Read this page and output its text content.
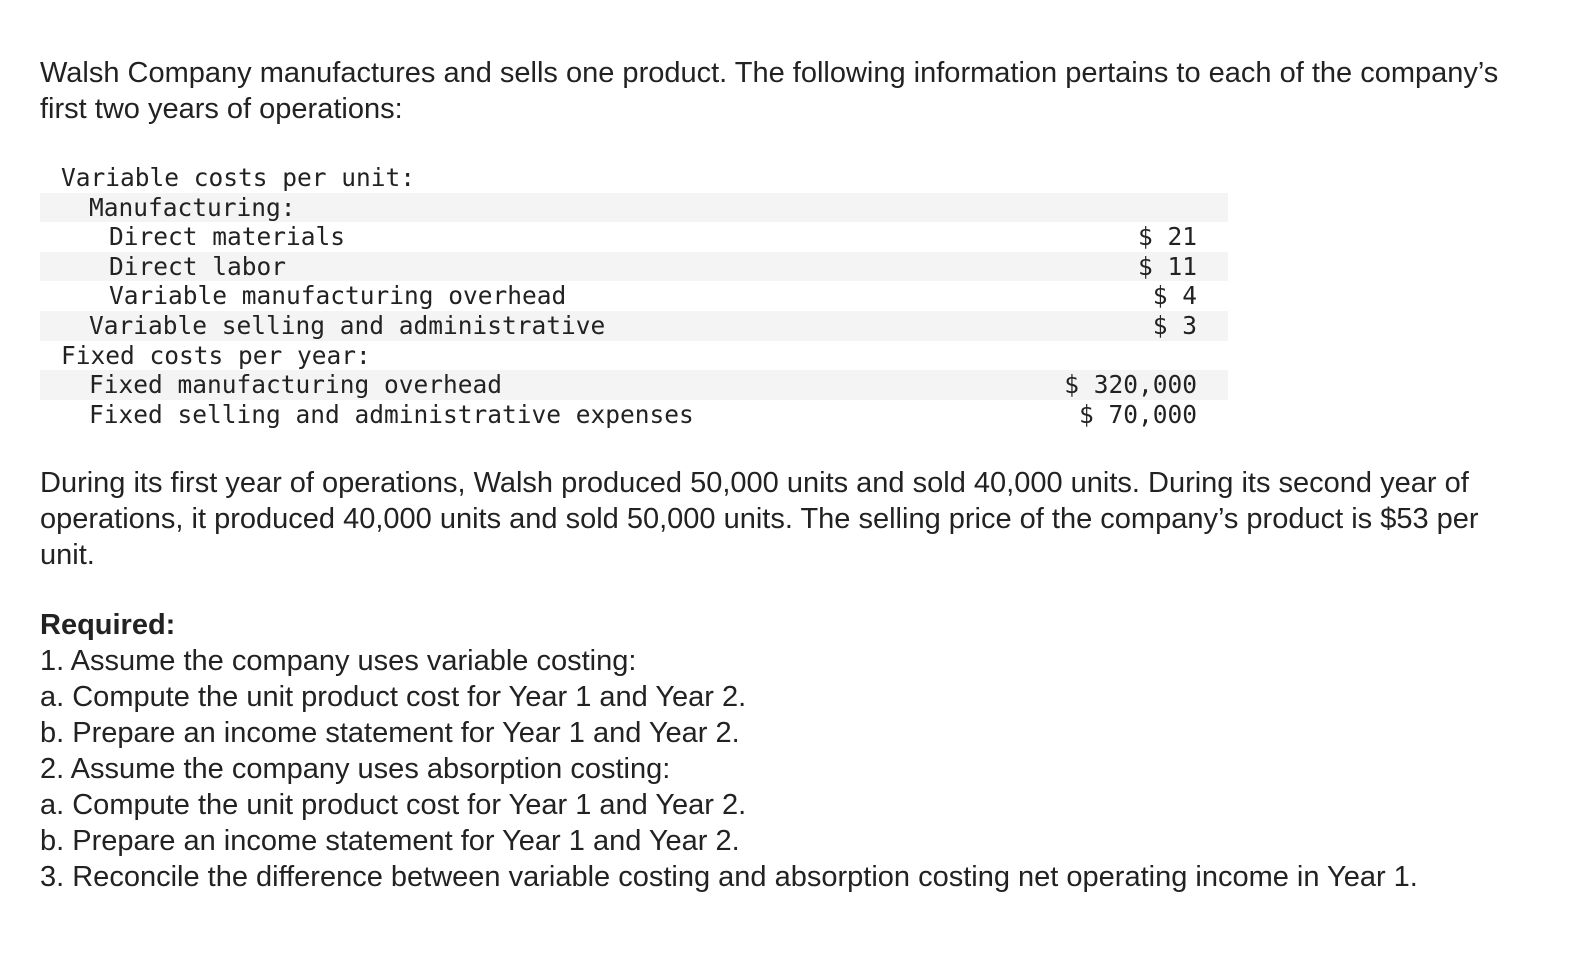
Walsh Company manufactures and sells one product. The following information pertains to each of the company’s first two years of operations:

Variable costs per unit:

Manufacturing:

Direct materials

	$ 21

Direct labor

	$ 11

Variable manufacturing overhead

	$ 4

Variable selling and administrative

	$ 3

Fixed costs per year:

Fixed manufacturing overhead

	$ 320,000

Fixed selling and administrative expenses

	$ 70,000

During its first year of operations, Walsh produced 50,000 units and sold 40,000 units. During its second year of operations, it produced 40,000 units and sold 50,000 units. The selling price of the company’s product is $53 per unit.

Required:
1. Assume the company uses variable costing:
a. Compute the unit product cost for Year 1 and Year 2.
b. Prepare an income statement for Year 1 and Year 2.
2. Assume the company uses absorption costing:
a. Compute the unit product cost for Year 1 and Year 2.
b. Prepare an income statement for Year 1 and Year 2.
3. Reconcile the difference between variable costing and absorption costing net operating income in Year 1.
